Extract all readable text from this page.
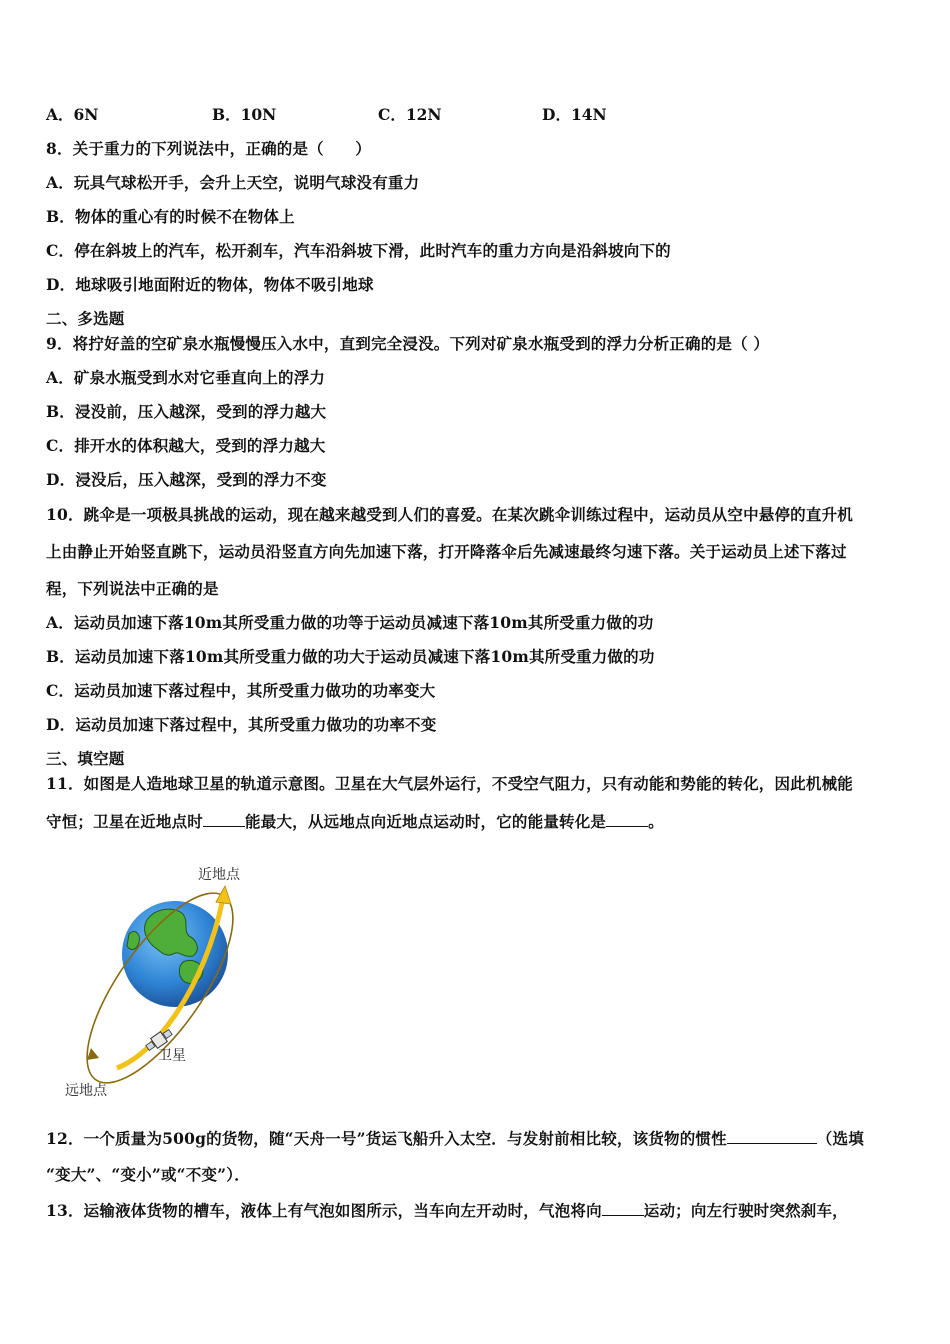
A．6N	B．10N	C．12N	D．14N
8．关于重力的下列说法中，正确的是（　　）
A．玩具气球松开手，会升上天空，说明气球没有重力
B．物体的重心有的时候不在物体上
C．停在斜坡上的汽车，松开刹车，汽车沿斜坡下滑，此时汽车的重力方向是沿斜坡向下的
D．地球吸引地面附近的物体，物体不吸引地球
二、多选题
9．将拧好盖的空矿泉水瓶慢慢压入水中，直到完全浸没。下列对矿泉水瓶受到的浮力分析正确的是（ ）
A．矿泉水瓶受到水对它垂直向上的浮力
B．浸没前，压入越深，受到的浮力越大
C．排开水的体积越大，受到的浮力越大
D．浸没后，压入越深，受到的浮力不变
10．跳伞是一项极具挑战的运动，现在越来越受到人们的喜爱。在某次跳伞训练过程中，运动员从空中悬停的直升机
上由静止开始竖直跳下，运动员沿竖直方向先加速下落，打开降落伞后先减速最终匀速下落。关于运动员上述下落过
程，下列说法中正确的是
A．运动员加速下落10m其所受重力做的功等于运动员减速下落10m其所受重力做的功
B．运动员加速下落10m其所受重力做的功大于运动员减速下落10m其所受重力做的功
C．运动员加速下落过程中，其所受重力做功的功率变大
D．运动员加速下落过程中，其所受重力做功的功率不变
三、填空题
11．如图是人造地球卫星的轨道示意图。卫星在大气层外运行，不受空气阻力，只有动能和势能的转化，因此机械能
守恒；卫星在近地点时	能最大，从远地点向近地点运动时，它的能量转化是	。
近地点
卫星
远地点
12．一个质量为500g的货物，随“天舟一号”货运飞船升入太空．与发射前相比较，该货物的惯性	（选填
“变大”、“变小”或“不变”）．
13．运输液体货物的槽车，液体上有气泡如图所示，当车向左开动时，气泡将向	运动；向左行驶时突然刹车，
